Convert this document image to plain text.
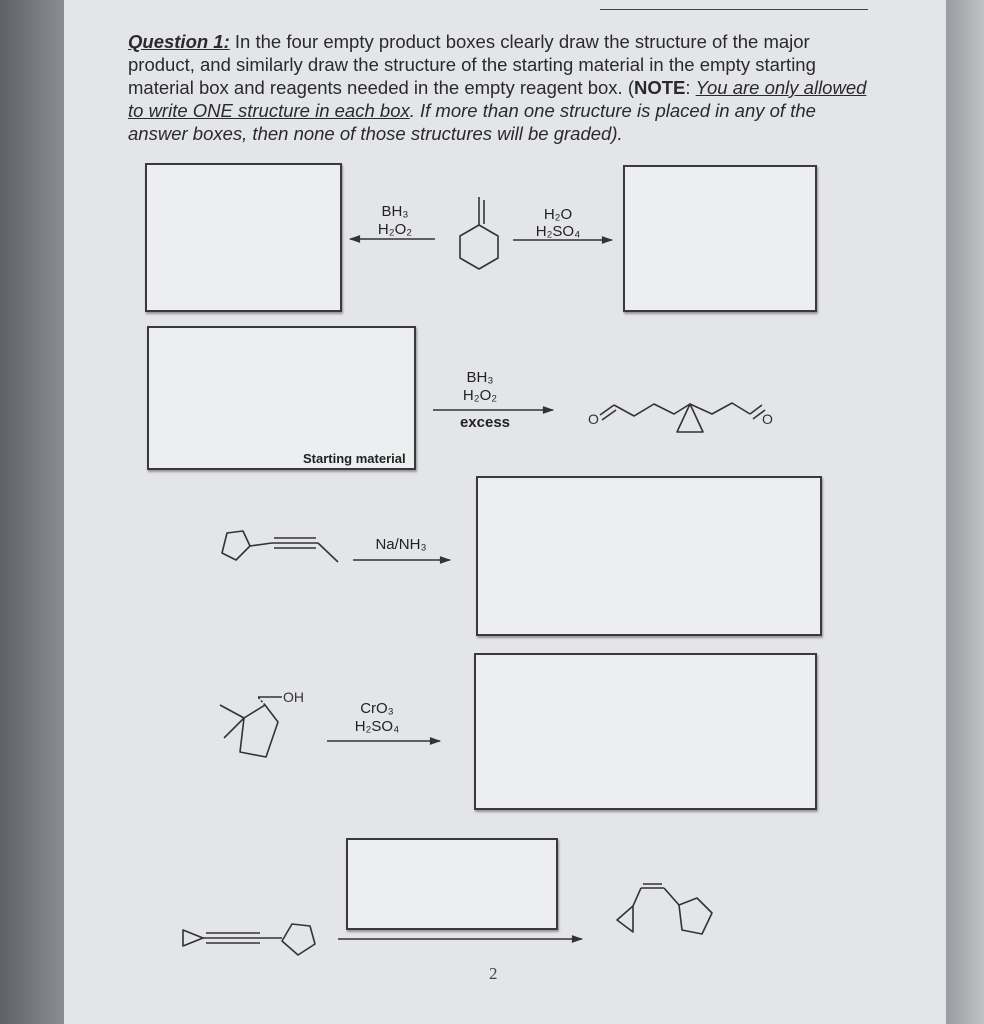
Question 1: In the four empty product boxes clearly draw the structure of the major product, and similarly draw the structure of the starting material in the empty starting material box and reagents needed in the empty reagent box. (NOTE: You are only allowed to write ONE structure in each box. If more than one structure is placed in any of the answer boxes, then none of those structures will be graded).
BH₃
H₂O₂
H₂O
H₂SO₄
BH₃
H₂O₂
excess
Starting material
Na/NH₃
CrO₃
H₂SO₄
2
O	O
OH
